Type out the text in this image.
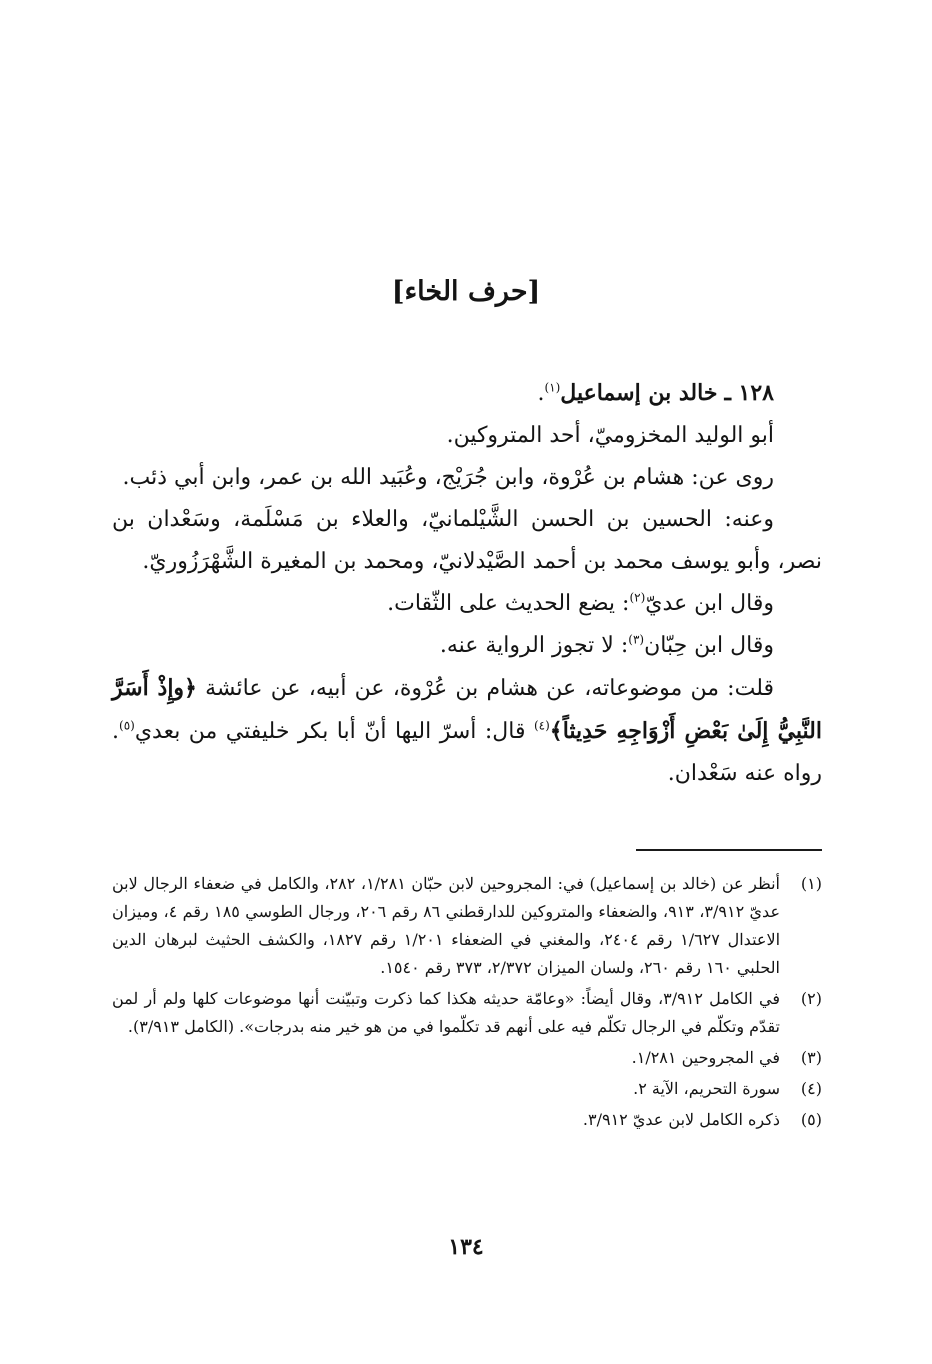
[حرف الخاء]

١٢٨ ـ خالد بن إسماعيل$^{(١)}$.

أبو الوليد المخزوميّ، أحد المتروكين.

روى عن: هشام بن عُرْوة، وابن جُرَيْج، وعُبَيد الله بن عمر، وابن أبي ذئب.

وعنه: الحسين بن الحسن الشَّيْلمانيّ، والعلاء بن مَسْلَمة، وسَعْدان بن نصر، وأبو يوسف محمد بن أحمد الصَّيْدلانيّ، ومحمد بن المغيرة الشَّهْرَزُوريّ.

وقال ابن عديّ$^{(٢)}$: يضع الحديث على الثّقات.

وقال ابن حِبّان$^{(٣)}$: لا تجوز الرواية عنه.

قلت: من موضوعاته، عن هشام بن عُرْوة، عن أبيه، عن عائشة ﴿وإِذْ أَسَرَّ النَّبِيُّ إِلَىٰ بَعْضِ أَزْوَاجِهِ حَدِيثاً﴾$^{(٤)}$ قال: أسرّ اليها أنّ أبا بكر خليفتي من بعدي$^{(٥)}$. رواه عنه سَعْدان.

(١)
أنظر عن (خالد بن إسماعيل) في: المجروحين لابن حبّان ١/٢٨١، ٢٨٢، والكامل في ضعفاء الرجال لابن عديّ ٣/٩١٢، ٩١٣، والضعفاء والمتروكين للدارقطني ٨٦ رقم ٢٠٦، ورجال الطوسي ١٨٥ رقم ٤، وميزان الاعتدال ١/٦٢٧ رقم ٢٤٠٤، والمغني في الضعفاء ١/٢٠١ رقم ١٨٢٧، والكشف الحثيث لبرهان الدين الحلبي ١٦٠ رقم ٢٦٠، ولسان الميزان ٢/٣٧٢، ٣٧٣ رقم ١٥٤٠.
(٢)
في الكامل ٣/٩١٢، وقال أيضاً: «وعامّة حديثه هكذا كما ذكرت وتبيّنت أنها موضوعات كلها ولم أر لمن تقدّم وتكلّم في الرجال تكلّم فيه على أنهم قد تكلّموا في من هو خير منه بدرجات». (الكامل ٣/٩١٣).
(٣)
في المجروحين ١/٢٨١.
(٤)
سورة التحريم، الآية ٢.
(٥)
ذكره الكامل لابن عديّ ٣/٩١٢.
١٣٤
